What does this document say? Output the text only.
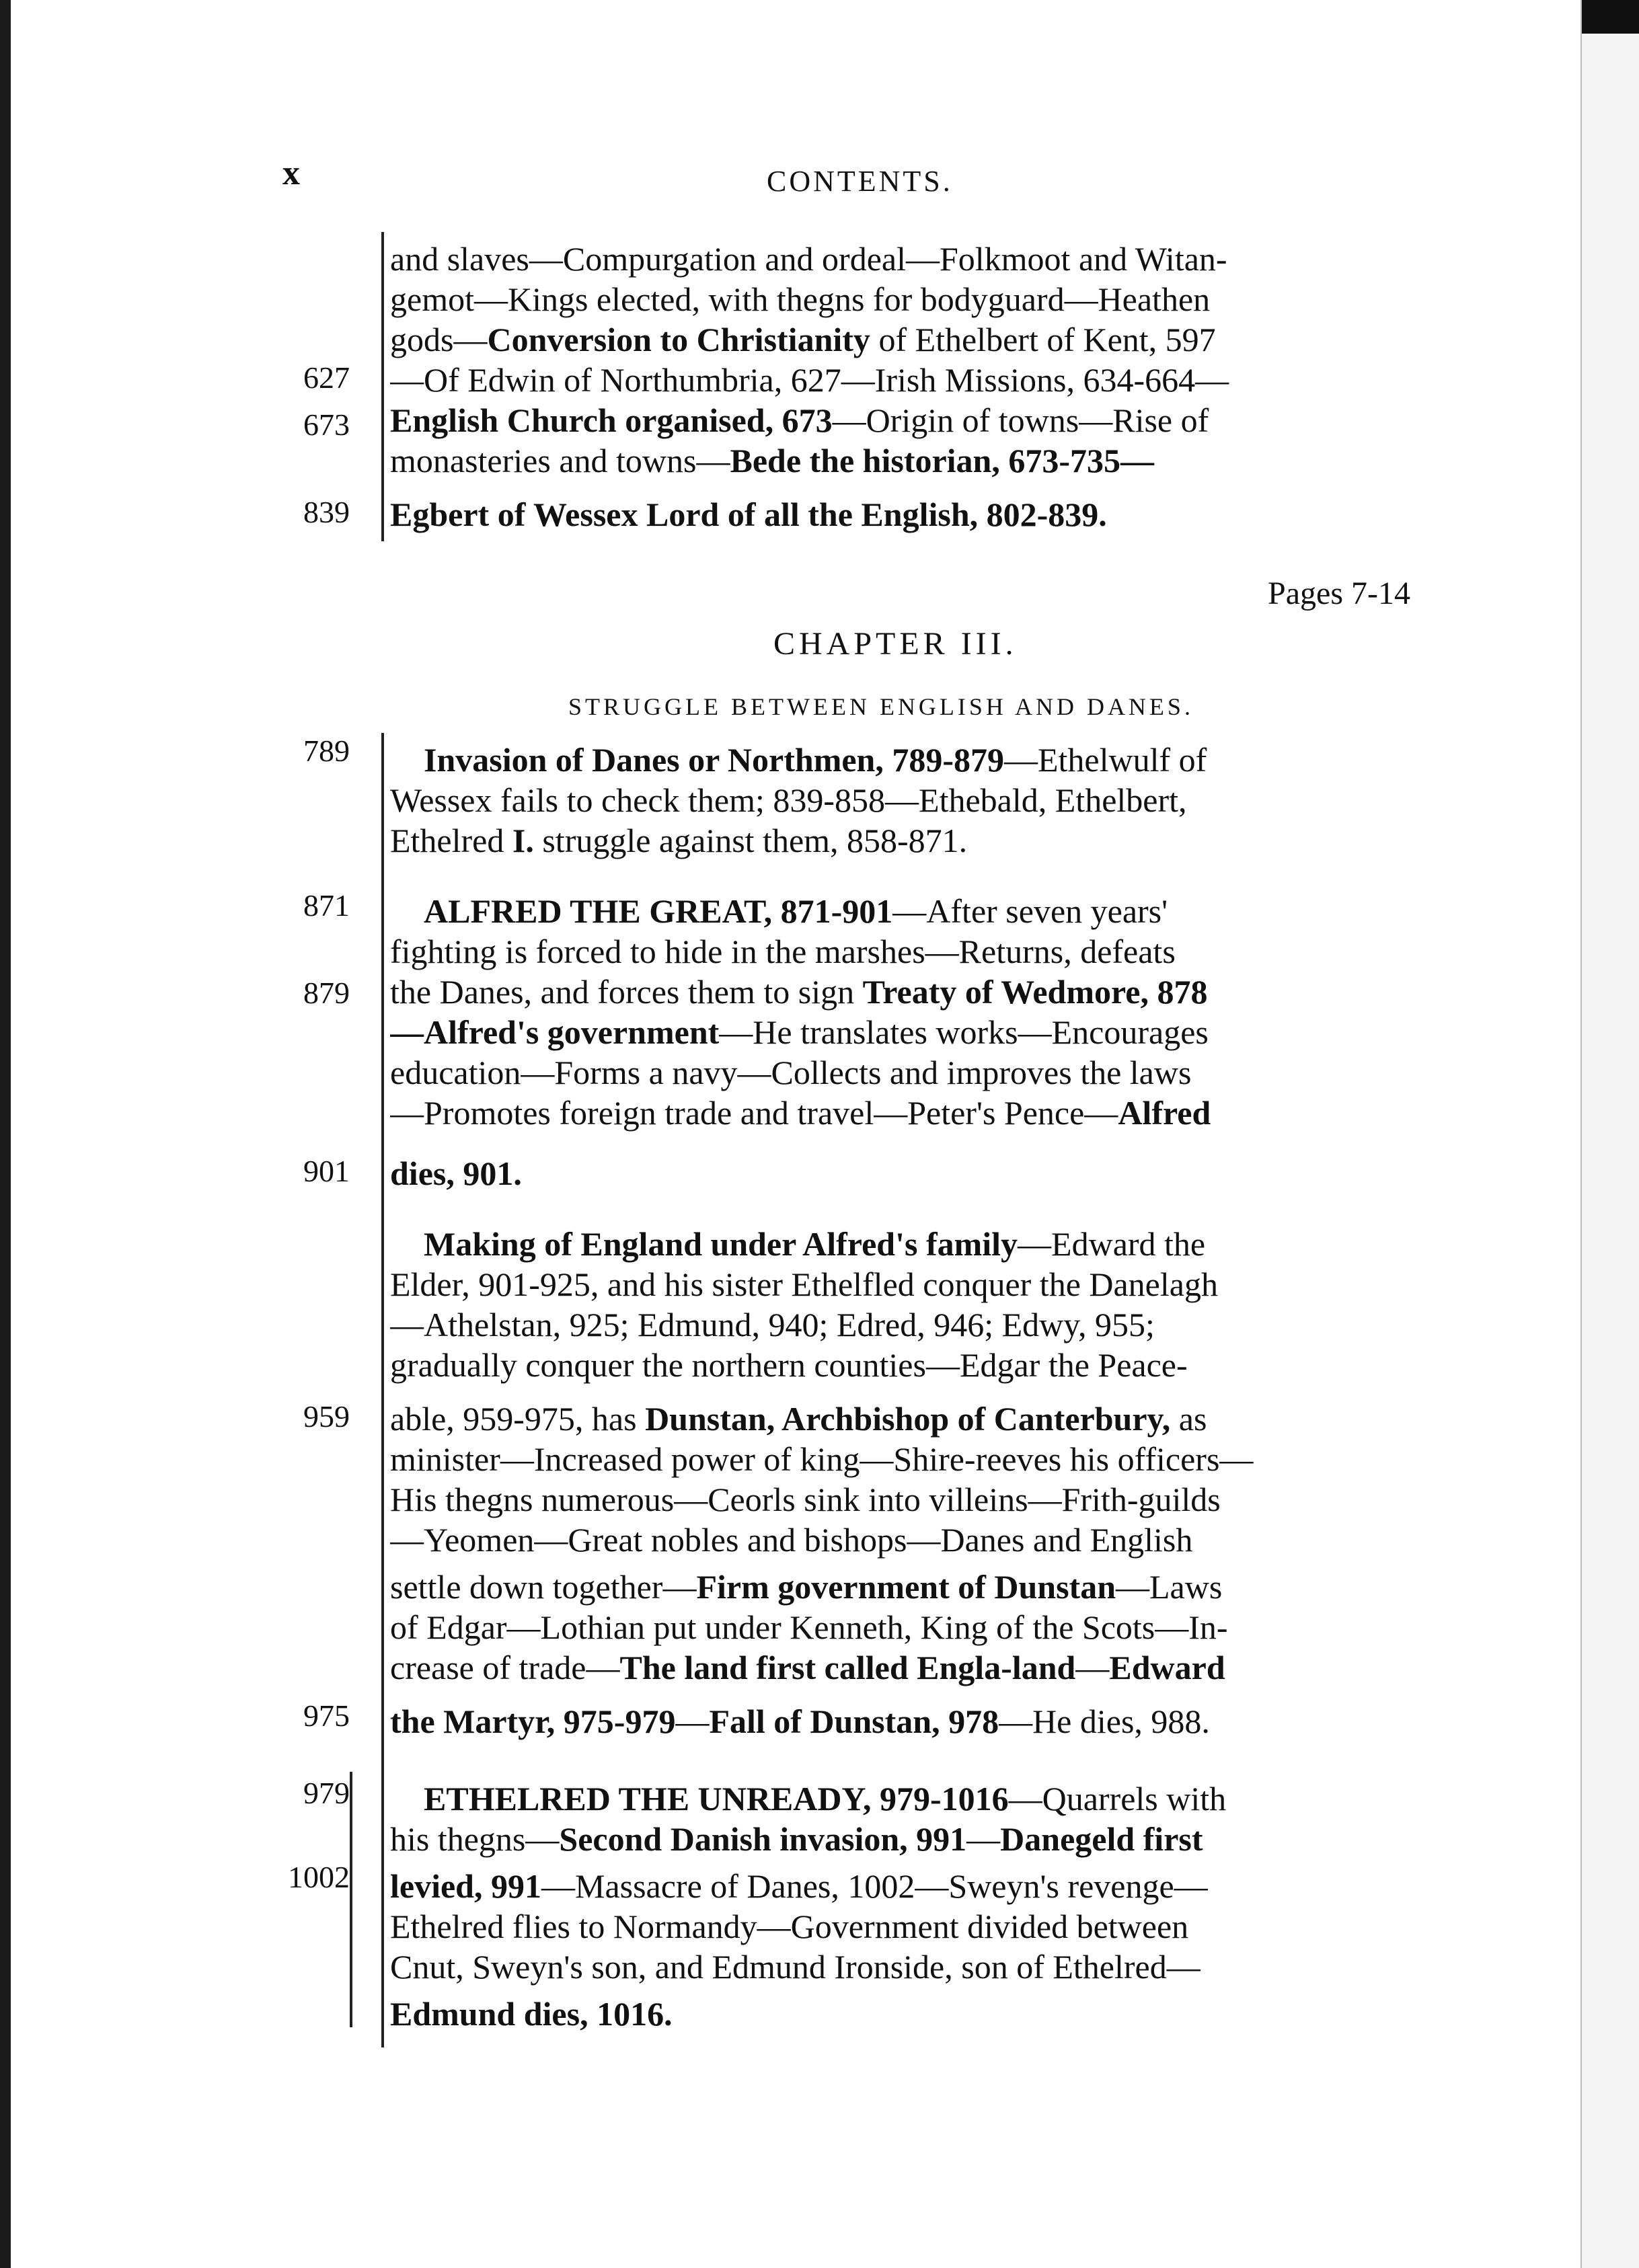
x	CONTENTS.
627
673
839
789
871
879
901
959
975
979
1002
and slaves—Compurgation and ordeal—Folkmoot and Witan-
gemot—Kings elected, with thegns for bodyguard—Heathen
gods—Conversion to Christianity of Ethelbert of Kent, 597
—Of Edwin of Northumbria, 627—Irish Missions, 634-664—
English Church organised, 673—Origin of towns—Rise of
monasteries and towns—Bede the historian, 673-735—
Egbert of Wessex Lord of all the English, 802-839.
Pages 7-14
CHAPTER III.
STRUGGLE BETWEEN ENGLISH AND DANES.
Invasion of Danes or Northmen, 789-879—Ethelwulf of
Wessex fails to check them; 839-858—Ethebald, Ethelbert,
Ethelred I. struggle against them, 858-871.
ALFRED THE GREAT, 871-901—After seven years'
fighting is forced to hide in the marshes—Returns, defeats
the Danes, and forces them to sign Treaty of Wedmore, 878
—Alfred's government—He translates works—Encourages
education—Forms a navy—Collects and improves the laws
—Promotes foreign trade and travel—Peter's Pence—Alfred
dies, 901.
Making of England under Alfred's family—Edward the
Elder, 901-925, and his sister Ethelfled conquer the Danelagh
—Athelstan, 925; Edmund, 940; Edred, 946; Edwy, 955;
gradually conquer the northern counties—Edgar the Peace-
able, 959-975, has Dunstan, Archbishop of Canterbury, as
minister—Increased power of king—Shire-reeves his officers—
His thegns numerous—Ceorls sink into villeins—Frith-guilds
—Yeomen—Great nobles and bishops—Danes and English
settle down together—Firm government of Dunstan—Laws
of Edgar—Lothian put under Kenneth, King of the Scots—In-
crease of trade—The land first called Engla-land—Edward
the Martyr, 975-979—Fall of Dunstan, 978—He dies, 988.
ETHELRED THE UNREADY, 979-1016—Quarrels with
his thegns—Second Danish invasion, 991—Danegeld first
levied, 991—Massacre of Danes, 1002—Sweyn's revenge—
Ethelred flies to Normandy—Government divided between
Cnut, Sweyn's son, and Edmund Ironside, son of Ethelred—
Edmund dies, 1016.
